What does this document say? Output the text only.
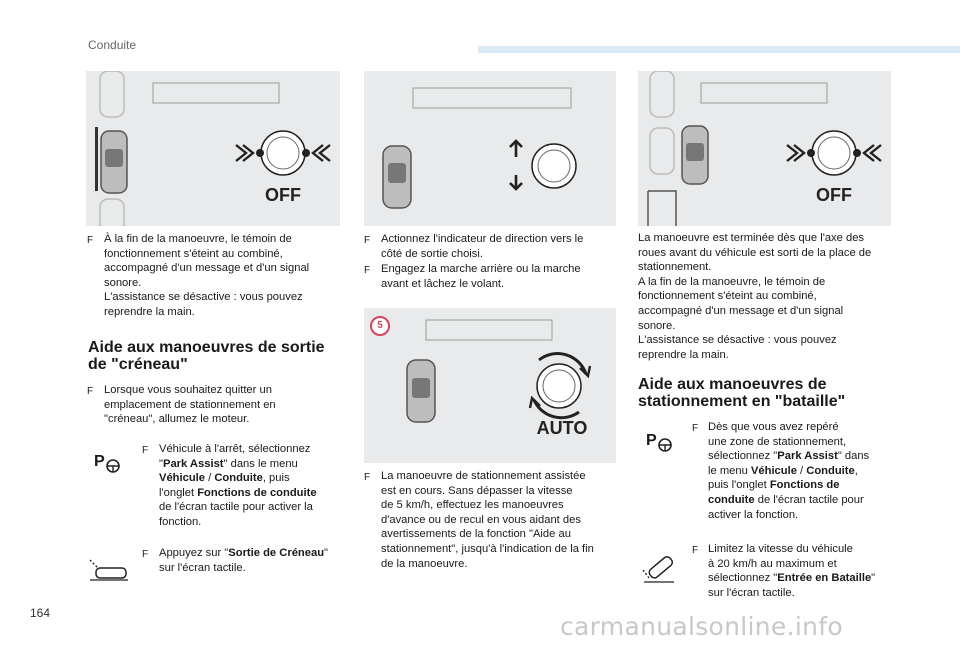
Conduite
OFF
AUTO
5
OFF
F À la fin de la manoeuvre, le témoin de
fonctionnement s'éteint au combiné,
accompagné d'un message et d'un signal
sonore.
L'assistance se désactive : vous pouvez
reprendre la main.
Aide aux manoeuvres de sortie
de "créneau"
F Lorsque vous souhaitez quitter un
emplacement de stationnement en
"créneau", allumez le moteur.
P
F Véhicule à l'arrêt, sélectionnez
"Park Assist" dans le menu
Véhicule / Conduite, puis
l'onglet Fonctions de conduite
de l'écran tactile pour activer la
fonction.
F Appuyez sur "Sortie de Créneau"
sur l'écran tactile.
F Actionnez l'indicateur de direction vers le
côté de sortie choisi.
F Engagez la marche arrière ou la marche
avant et lâchez le volant.
F La manoeuvre de stationnement assistée
est en cours. Sans dépasser la vitesse
de 5 km/h, effectuez les manoeuvres
d'avance ou de recul en vous aidant des
avertissements de la fonction "Aide au
stationnement", jusqu'à l'indication de la fin
de la manoeuvre.
La manoeuvre est terminée dès que l'axe des
roues avant du véhicule est sorti de la place de
stationnement.
A la fin de la manoeuvre, le témoin de
fonctionnement s'éteint au combiné,
accompagné d'un message et d'un signal
sonore.
L'assistance se désactive : vous pouvez
reprendre la main.
Aide aux manoeuvres de
stationnement en "bataille"
P
F Dès que vous avez repéré
une zone de stationnement,
sélectionnez "Park Assist" dans
le menu Véhicule / Conduite,
puis l'onglet Fonctions de
conduite de l'écran tactile pour
activer la fonction.
F Limitez la vitesse du véhicule
à 20 km/h au maximum et
sélectionnez "Entrée en Bataille"
sur l'écran tactile.
164	carmanualsonline.info
